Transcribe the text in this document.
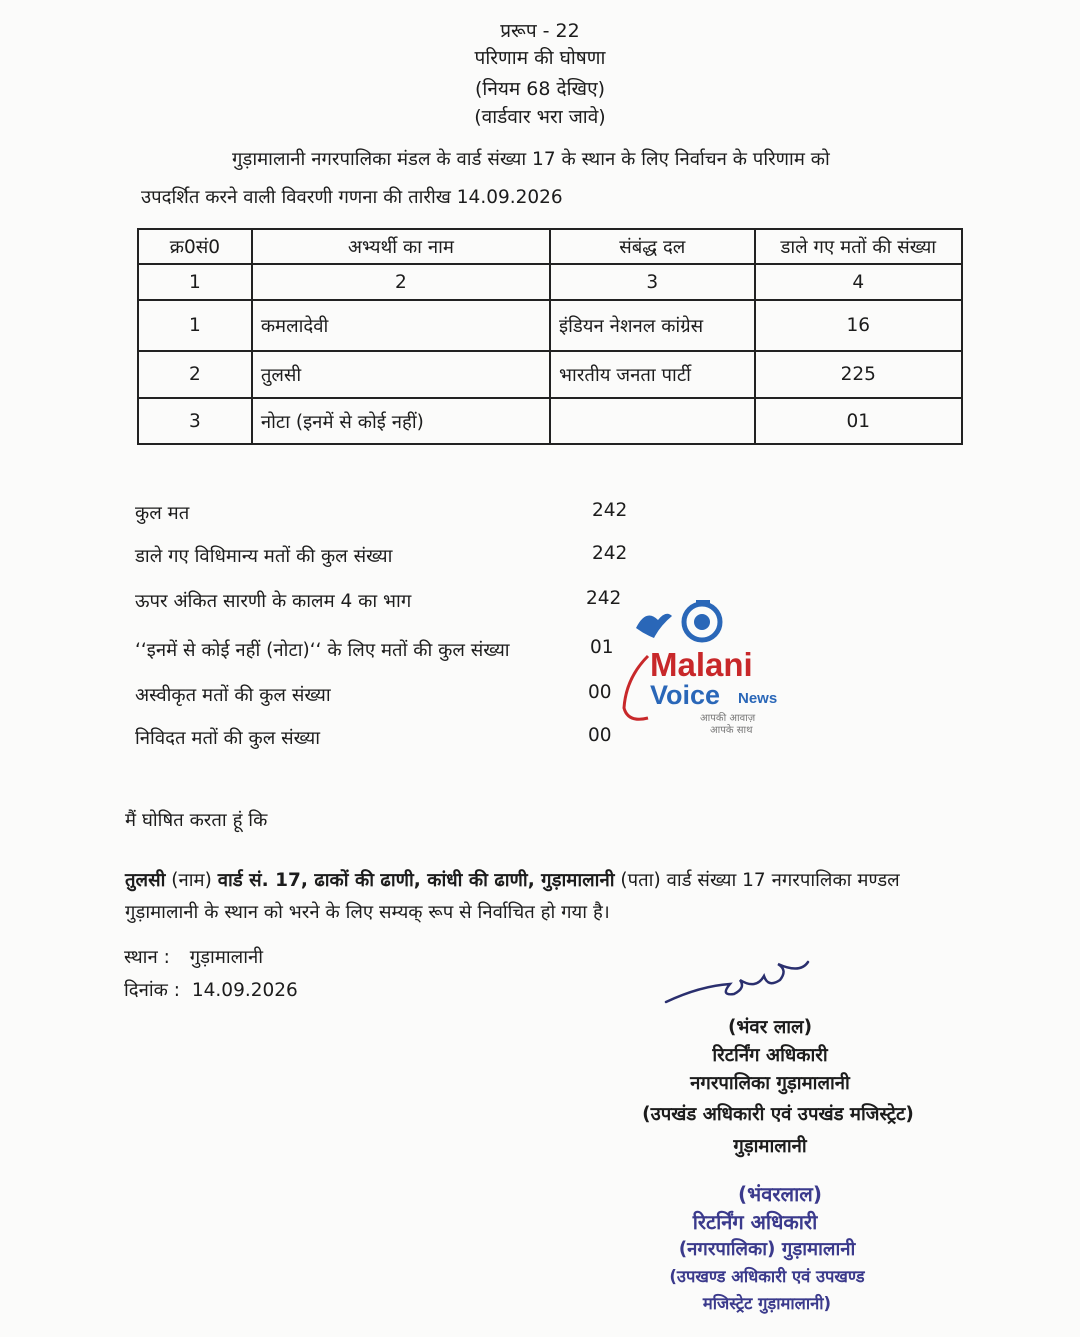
प्ररूप - 22
परिणाम की घोषणा
(नियम 68 देखिए)
(वार्डवार भरा जावे)
गुड़ामालानी नगरपालिका मंडल के वार्ड संख्या 17 के स्थान के लिए निर्वाचन के परिणाम को
उपदर्शित करने वाली विवरणी गणना की तारीख 14.09.2026
क्र0सं0	अभ्यर्थी का नाम	संबंद्ध दल	डाले गए मतों की संख्या
1	2	3	4
1	कमलादेवी	इंडियन नेशनल कांग्रेस	16
2	तुलसी	भारतीय जनता पार्टी	225
3	नोटा (इनमें से कोई नहीं)		01
कुल मत	242
डाले गए विधिमान्य मतों की कुल संख्या	242
ऊपर अंकित सारणी के कालम 4 का भाग	242
‘‘इनमें से कोई नहीं (नोटा)‘‘ के लिए मतों की कुल संख्या	01
अस्वीकृत मतों की कुल संख्या	00
निविदत मतों की कुल संख्या	00
Malani
Voice News
आपकी आवाज़
आपके साथ
मैं घोषित करता हूं कि
तुलसी (नाम) वार्ड सं. 17, ढाकों की ढाणी, कांधी की ढाणी, गुड़ामालानी (पता) वार्ड संख्या 17 नगरपालिका मण्डल
गुड़ामालानी के स्थान को भरने के लिए सम्यक् रूप से निर्वाचित हो गया है।
स्थान : गुड़ामालानी
दिनांक : 14.09.2026
(भंवर लाल)
रिटर्निंग अधिकारी
नगरपालिका गुड़ामालानी
(उपखंड अधिकारी एवं उपखंड मजिस्ट्रेट)
गुड़ामालानी
(भंवरलाल)
रिटर्निंग अधिकारी
(नगरपालिका) गुड़ामालानी
(उपखण्ड अधिकारी एवं उपखण्ड
मजिस्ट्रेट गुड़ामालानी)
